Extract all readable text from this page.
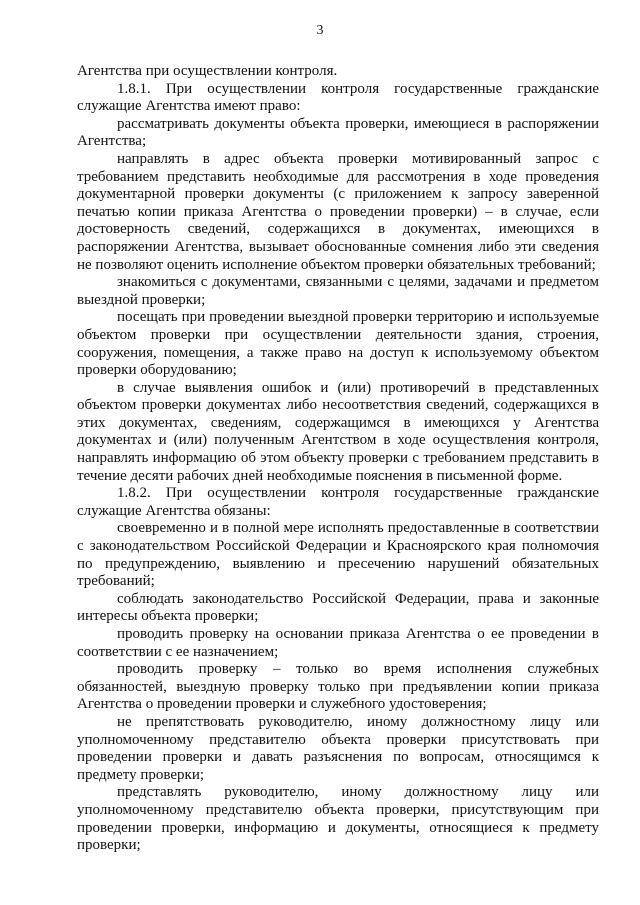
3

Агентства при осуществлении контроля.

1.8.1. При осуществлении контроля государственные гражданские служащие Агентства имеют право:

рассматривать документы объекта проверки, имеющиеся в распоряжении Агентства;

направлять в адрес объекта проверки мотивированный запрос с требованием представить необходимые для рассмотрения в ходе проведения документарной проверки документы (с приложением к запросу заверенной печатью копии приказа Агентства о проведении проверки) – в случае, если достоверность сведений, содержащихся в документах, имеющихся в распоряжении Агентства, вызывает обоснованные сомнения либо эти сведения не позволяют оценить исполнение объектом проверки обязательных требований;

знакомиться с документами, связанными с целями, задачами и предметом выездной проверки;

посещать при проведении выездной проверки территорию и используемые объектом проверки при осуществлении деятельности здания, строения, сооружения, помещения, а также право на доступ к используемому объектом проверки оборудованию;

в случае выявления ошибок и (или) противоречий в представленных объектом проверки документах либо несоответствия сведений, содержащихся в этих документах, сведениям, содержащимся в имеющихся у Агентства документах и (или) полученным Агентством в ходе осуществления контроля, направлять информацию об этом объекту проверки с требованием представить в течение десяти рабочих дней необходимые пояснения в письменной форме.

1.8.2. При осуществлении контроля государственные гражданские служащие Агентства обязаны:

своевременно и в полной мере исполнять предоставленные в соответствии с законодательством Российской Федерации и Красноярского края полномочия по предупреждению, выявлению и пресечению нарушений обязательных требований;

соблюдать законодательство Российской Федерации, права и законные интересы объекта проверки;

проводить проверку на основании приказа Агентства о ее проведении в соответствии с ее назначением;

проводить проверку – только во время исполнения служебных обязанностей, выездную проверку только при предъявлении копии приказа Агентства о проведении проверки и служебного удостоверения;

не препятствовать руководителю, иному должностному лицу или уполномоченному представителю объекта проверки присутствовать при проведении проверки и давать разъяснения по вопросам, относящимся к предмету проверки;

представлять руководителю, иному должностному лицу или уполномоченному представителю объекта проверки, присутствующим при проведении проверки, информацию и документы, относящиеся к предмету проверки;
